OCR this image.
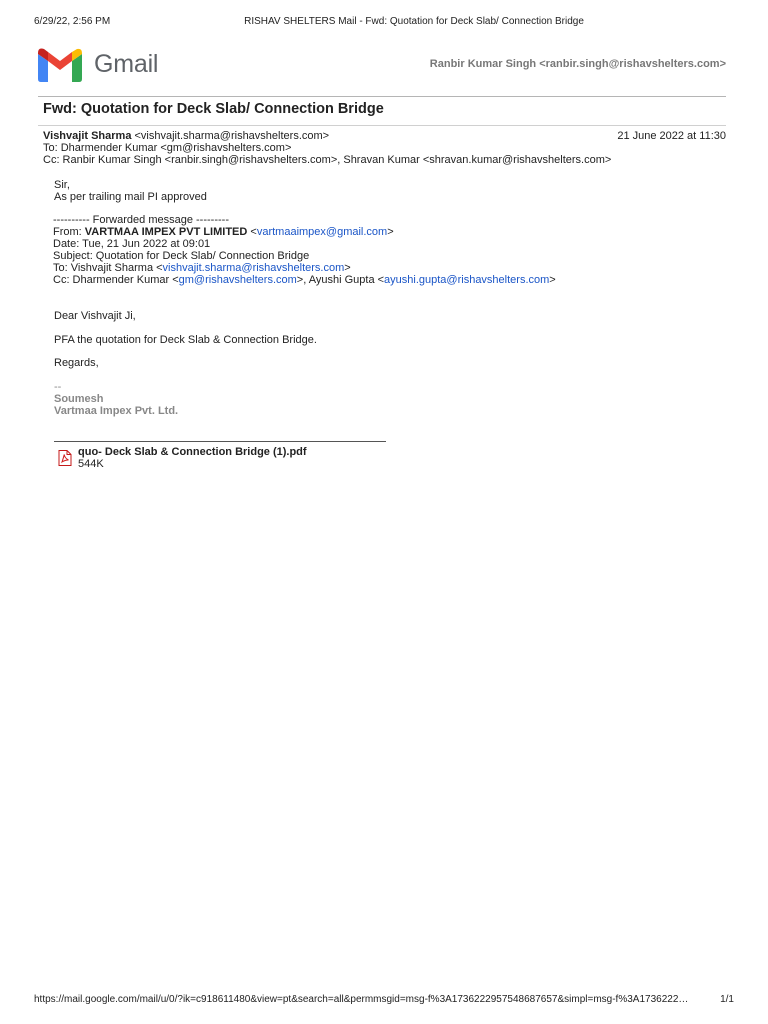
6/29/22, 2:56 PM	RISHAV SHELTERS Mail - Fwd: Quotation for Deck Slab/ Connection Bridge
Gmail	Ranbir Kumar Singh <ranbir.singh@rishavshelters.com>
Fwd: Quotation for Deck Slab/ Connection Bridge
Vishvajit Sharma <vishvajit.sharma@rishavshelters.com>	21 June 2022 at 11:30
To: Dharmender Kumar <gm@rishavshelters.com>
Cc: Ranbir Kumar Singh <ranbir.singh@rishavshelters.com>, Shravan Kumar <shravan.kumar@rishavshelters.com>
Sir,
As per trailing mail PI approved
---------- Forwarded message ---------
From: VARTMAA IMPEX PVT LIMITED <vartmaaimpex@gmail.com>
Date: Tue, 21 Jun 2022 at 09:01
Subject: Quotation for Deck Slab/ Connection Bridge
To: Vishvajit Sharma <vishvajit.sharma@rishavshelters.com>
Cc: Dharmender Kumar <gm@rishavshelters.com>, Ayushi Gupta <ayushi.gupta@rishavshelters.com>
Dear Vishvajit Ji,
PFA the quotation for Deck Slab & Connection Bridge.
Regards,
--
Soumesh
Vartmaa Impex Pvt. Ltd.
quo- Deck Slab & Connection Bridge (1).pdf
544K
https://mail.google.com/mail/u/0/?ik=c918611480&view=pt&search=all&permmsgid=msg-f%3A1736222957548687657&simpl=msg-f%3A1736222…	1/1
